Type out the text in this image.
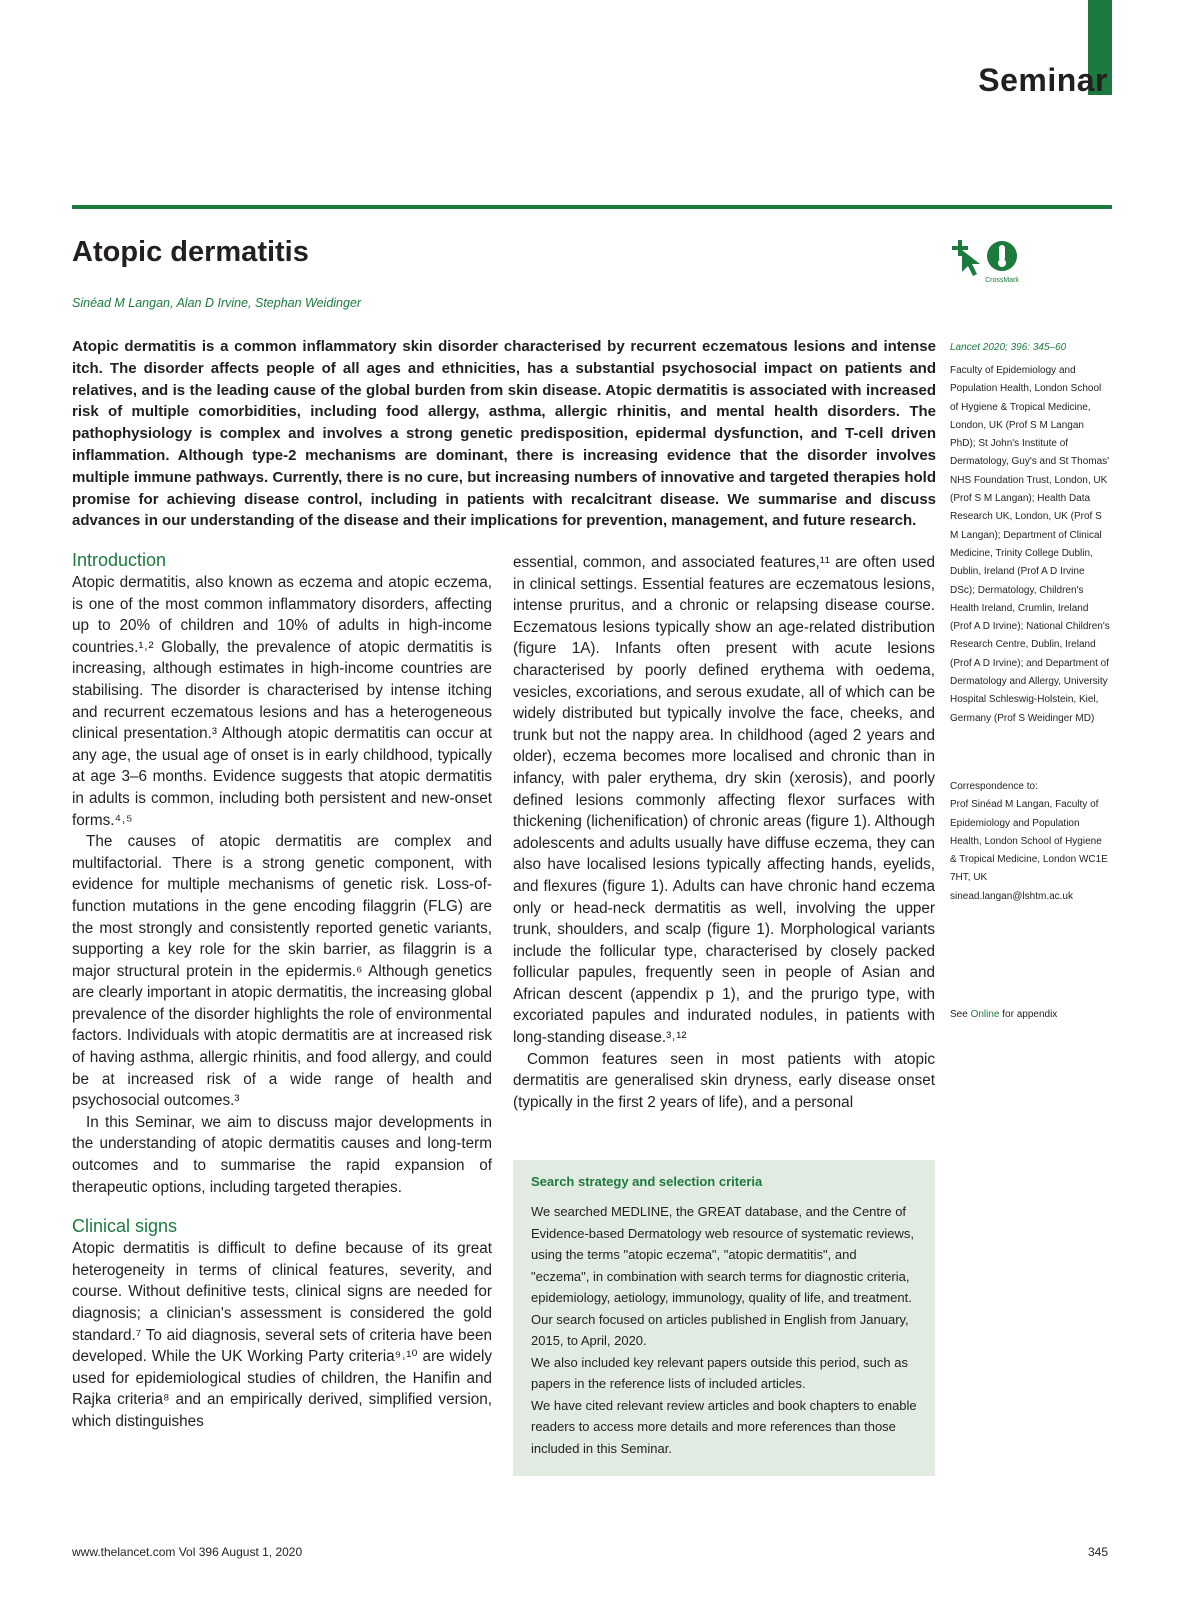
Seminar
Atopic dermatitis
CrossMark
Sinéad M Langan, Alan D Irvine, Stephan Weidinger

Atopic dermatitis is a common inflammatory skin disorder characterised by recurrent eczematous lesions and intense itch. The disorder affects people of all ages and ethnicities, has a substantial psychosocial impact on patients and relatives, and is the leading cause of the global burden from skin disease. Atopic dermatitis is associated with increased risk of multiple comorbidities, including food allergy, asthma, allergic rhinitis, and mental health disorders. The pathophysiology is complex and involves a strong genetic predisposition, epidermal dysfunction, and T-cell driven inflammation. Although type-2 mechanisms are dominant, there is increasing evidence that the disorder involves multiple immune pathways. Currently, there is no cure, but increasing numbers of innovative and targeted therapies hold promise for achieving disease control, including in patients with recalcitrant disease. We summarise and discuss advances in our understanding of the disease and their implications for prevention, management, and future research.

Introduction

Atopic dermatitis, also known as eczema and atopic eczema, is one of the most common inflammatory disorders, affecting up to 20% of children and 10% of adults in high-income countries.¹˒² Globally, the prevalence of atopic dermatitis is increasing, although estimates in high-income countries are stabilising. The disorder is characterised by intense itching and recurrent eczematous lesions and has a heterogeneous clinical presentation.³ Although atopic dermatitis can occur at any age, the usual age of onset is in early childhood, typically at age 3–6 months. Evidence suggests that atopic dermatitis in adults is common, including both persistent and new-onset forms.⁴˒⁵

The causes of atopic dermatitis are complex and multifactorial. There is a strong genetic component, with evidence for multiple mechanisms of genetic risk. Loss-of-function mutations in the gene encoding filaggrin (FLG) are the most strongly and consistently reported genetic variants, supporting a key role for the skin barrier, as filaggrin is a major structural protein in the epidermis.⁶ Although genetics are clearly important in atopic dermatitis, the increasing global prevalence of the disorder highlights the role of environmental factors. Individuals with atopic dermatitis are at increased risk of having asthma, allergic rhinitis, and food allergy, and could be at increased risk of a wide range of health and psychosocial outcomes.³

In this Seminar, we aim to discuss major developments in the understanding of atopic dermatitis causes and long-term outcomes and to summarise the rapid expansion of therapeutic options, including targeted therapies.

Clinical signs

Atopic dermatitis is difficult to define because of its great heterogeneity in terms of clinical features, severity, and course. Without definitive tests, clinical signs are needed for diagnosis; a clinician's assessment is considered the gold standard.⁷ To aid diagnosis, several sets of criteria have been developed. While the UK Working Party criteria⁹˒¹⁰ are widely used for epidemiological studies of children, the Hanifin and Rajka criteria⁸ and an empirically derived, simplified version, which distinguishes

essential, common, and associated features,¹¹ are often used in clinical settings. Essential features are eczematous lesions, intense pruritus, and a chronic or relapsing disease course. Eczematous lesions typically show an age-related distribution (figure 1A). Infants often present with acute lesions characterised by poorly defined erythema with oedema, vesicles, excoriations, and serous exudate, all of which can be widely distributed but typically involve the face, cheeks, and trunk but not the nappy area. In childhood (aged 2 years and older), eczema becomes more localised and chronic than in infancy, with paler erythema, dry skin (xerosis), and poorly defined lesions commonly affecting flexor surfaces with thickening (lichenification) of chronic areas (figure 1). Although adolescents and adults usually have diffuse eczema, they can also have localised lesions typically affecting hands, eyelids, and flexures (figure 1). Adults can have chronic hand eczema only or head-neck dermatitis as well, involving the upper trunk, shoulders, and scalp (figure 1). Morphological variants include the follicular type, characterised by closely packed follicular papules, frequently seen in people of Asian and African descent (appendix p 1), and the prurigo type, with excoriated papules and indurated nodules, in patients with long-standing disease.³˒¹²

Common features seen in most patients with atopic dermatitis are generalised skin dryness, early disease onset (typically in the first 2 years of life), and a personal

Search strategy and selection criteria

We searched MEDLINE, the GREAT database, and the Centre of Evidence-based Dermatology web resource of systematic reviews, using the terms "atopic eczema", "atopic dermatitis", and "eczema", in combination with search terms for diagnostic criteria, epidemiology, aetiology, immunology, quality of life, and treatment. Our search focused on articles published in English from January, 2015, to April, 2020.

We also included key relevant papers outside this period, such as papers in the reference lists of included articles.

We have cited relevant review articles and book chapters to enable readers to access more details and more references than those included in this Seminar.

Lancet 2020; 396: 345–60
Faculty of Epidemiology and Population Health, London School of Hygiene & Tropical Medicine, London, UK (Prof S M Langan PhD); St John's Institute of Dermatology, Guy's and St Thomas' NHS Foundation Trust, London, UK (Prof S M Langan); Health Data Research UK, London, UK (Prof S M Langan); Department of Clinical Medicine, Trinity College Dublin, Dublin, Ireland (Prof A D Irvine DSc); Dermatology, Children's Health Ireland, Crumlin, Ireland (Prof A D Irvine); National Children's Research Centre, Dublin, Ireland (Prof A D Irvine); and Department of Dermatology and Allergy, University Hospital Schleswig-Holstein, Kiel, Germany (Prof S Weidinger MD)

Correspondence to:

Prof Sinéad M Langan, Faculty of Epidemiology and Population Health, London School of Hygiene & Tropical Medicine, London WC1E 7HT, UK sinead.langan@lshtm.ac.uk

See Online for appendix
www.thelancet.com Vol 396 August 1, 2020	345
